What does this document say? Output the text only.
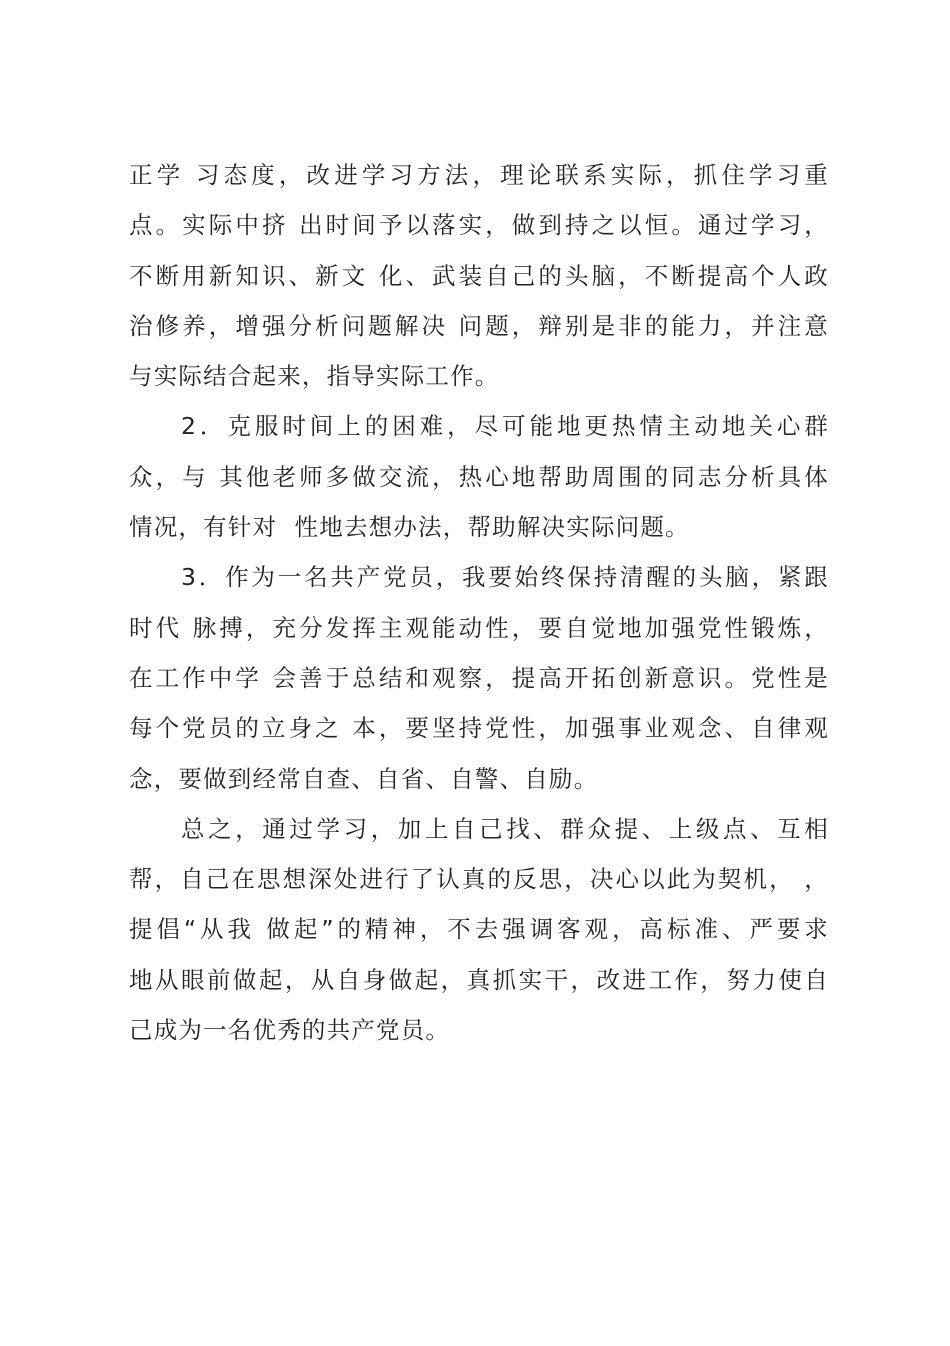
正学 习态度，改进学习方法，理论联系实际，抓住学习重
点。实际中挤 出时间予以落实，做到持之以恒。通过学习，
不断用新知识、新文 化、武装自己的头脑，不断提高个人政
治修养，增强分析问题解决 问题，辩别是非的能力，并注意
与实际结合起来，指导实际工作。
2．克服时间上的困难，尽可能地更热情主动地关心群
众，与 其他老师多做交流，热心地帮助周围的同志分析具体
情况，有针对  性地去想办法，帮助解决实际问题。
3．作为一名共产党员，我要始终保持清醒的头脑，紧跟
时代 脉搏，充分发挥主观能动性，要自觉地加强党性锻炼，
在工作中学 会善于总结和观察，提高开拓创新意识。党性是
每个党员的立身之 本，要坚持党性，加强事业观念、自律观
念，要做到经常自查、自省、自警、自励。
总之，通过学习，加上自己找、群众提、上级点、互相
帮，自己在思想深处进行了认真的反思，决心以此为契机， ，
提倡“从我 做起”的精神，不去强调客观，高标准、严要求
地从眼前做起，从自身做起，真抓实干，改进工作，努力使自
己成为一名优秀的共产党员。
